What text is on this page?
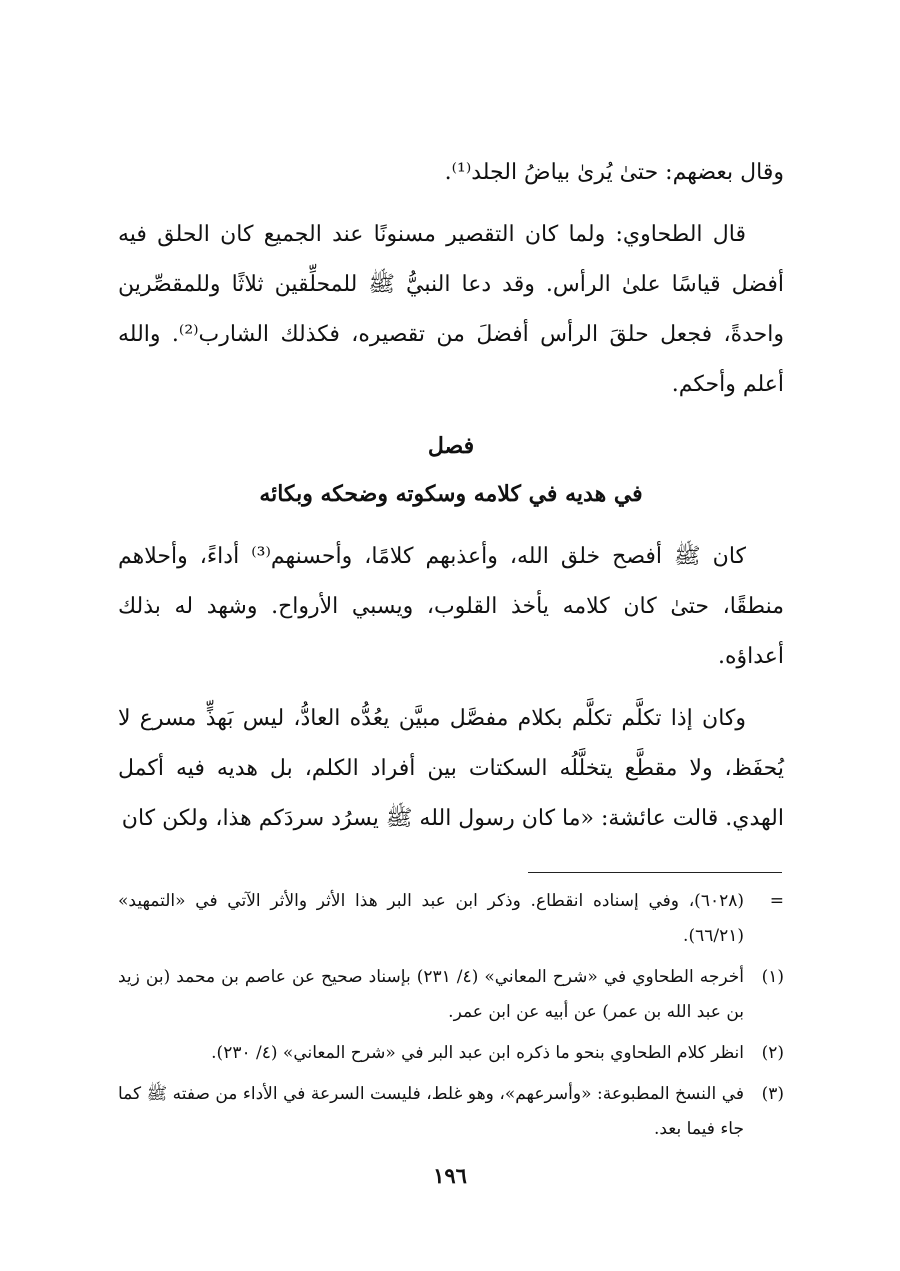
وقال بعضهم: حتىٰ يُرىٰ بياضُ الجلد⁽¹⁾.

قال الطحاوي: ولما كان التقصير مسنونًا عند الجميع كان الحلق فيه أفضل قياسًا علىٰ الرأس. وقد دعا النبيُّ ﷺ للمحلِّقين ثلاثًا وللمقصِّرين واحدةً، فجعل حلقَ الرأس أفضلَ من تقصيره، فكذلك الشارب⁽²⁾. والله أعلم وأحكم.

فصل
في هديه في كلامه وسكوته وضحكه وبكائه

كان ﷺ أفصح خلق الله، وأعذبهم كلامًا، وأحسنهم⁽³⁾ أداءً، وأحلاهم منطقًا، حتىٰ كان كلامه يأخذ القلوب، ويسبي الأرواح. وشهد له بذلك أعداؤه.

وكان إذا تكلَّم تكلَّم بكلام مفصَّل مبيَّن يعُدُّه العادُّ، ليس بَهذٍّ مسرع لا يُحفَظ، ولا مقطَّع يتخلَّلُه السكتات بين أفراد الكلم، بل هديه فيه أكمل الهدي. قالت عائشة: «ما كان رسول الله ﷺ يسرُد سردَكم هذا، ولكن كان

=
(٦٠٢٨)، وفي إسناده انقطاع. وذكر ابن عبد البر هذا الأثر والأثر الآتي في «التمهيد» (٦٦/٢١).
(١)
أخرجه الطحاوي في «شرح المعاني» (٤/ ٢٣١) بإسناد صحيح عن عاصم بن محمد (بن زيد بن عبد الله بن عمر) عن أبيه عن ابن عمر.
(٢)
انظر كلام الطحاوي بنحو ما ذكره ابن عبد البر في «شرح المعاني» (٤/ ٢٣٠).
(٣)
في النسخ المطبوعة: «وأسرعهم»، وهو غلط، فليست السرعة في الأداء من صفته ﷺ كما جاء فيما بعد.
١٩٦
